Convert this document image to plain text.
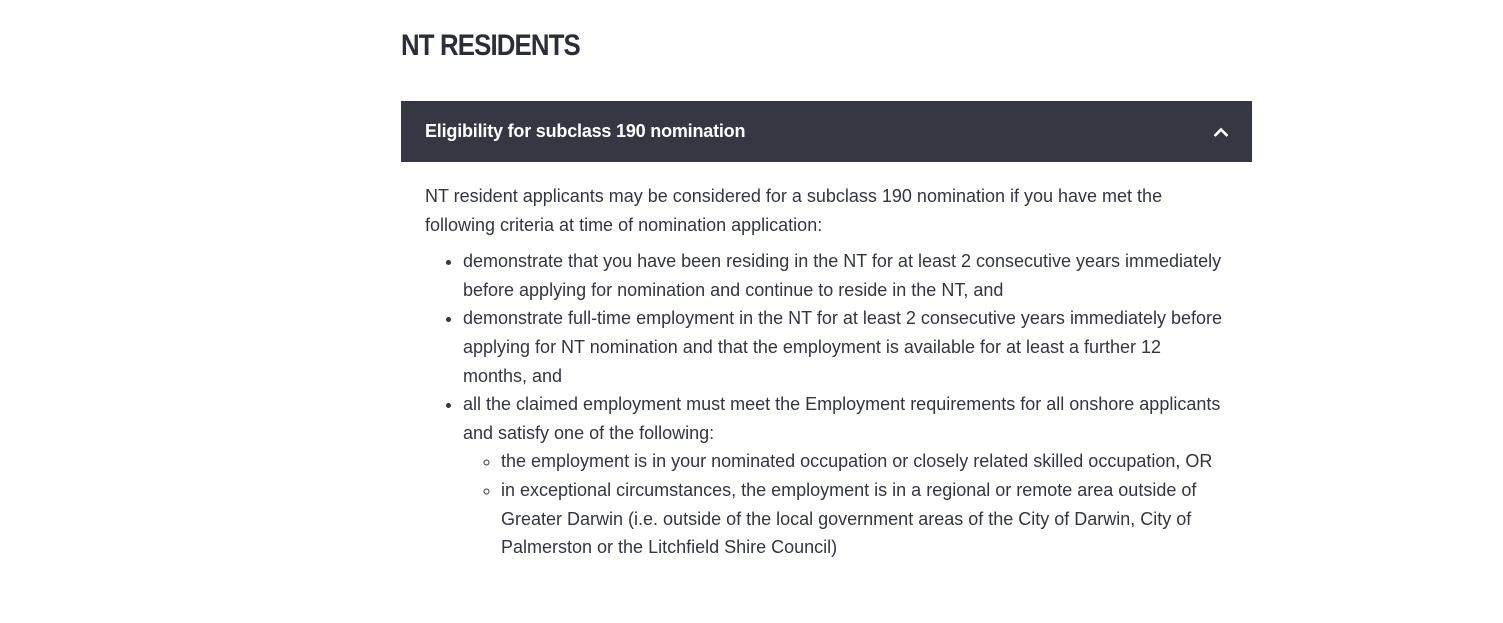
NT RESIDENTS
Eligibility for subclass 190 nomination

NT resident applicants may be considered for a subclass 190 nomination if you have met the following criteria at time of nomination application:

• demonstrate that you have been residing in the NT for at least 2 consecutive years immediately before applying for nomination and continue to reside in the NT, and
• demonstrate full-time employment in the NT for at least 2 consecutive years immediately before applying for NT nomination and that the employment is available for at least a further 12 months, and
• all the claimed employment must meet the Employment requirements for all onshore applicants and satisfy one of the following:
◦ the employment is in your nominated occupation or closely related skilled occupation, OR
◦ in exceptional circumstances, the employment is in a regional or remote area outside of Greater Darwin (i.e. outside of the local government areas of the City of Darwin, City of Palmerston or the Litchfield Shire Council)
